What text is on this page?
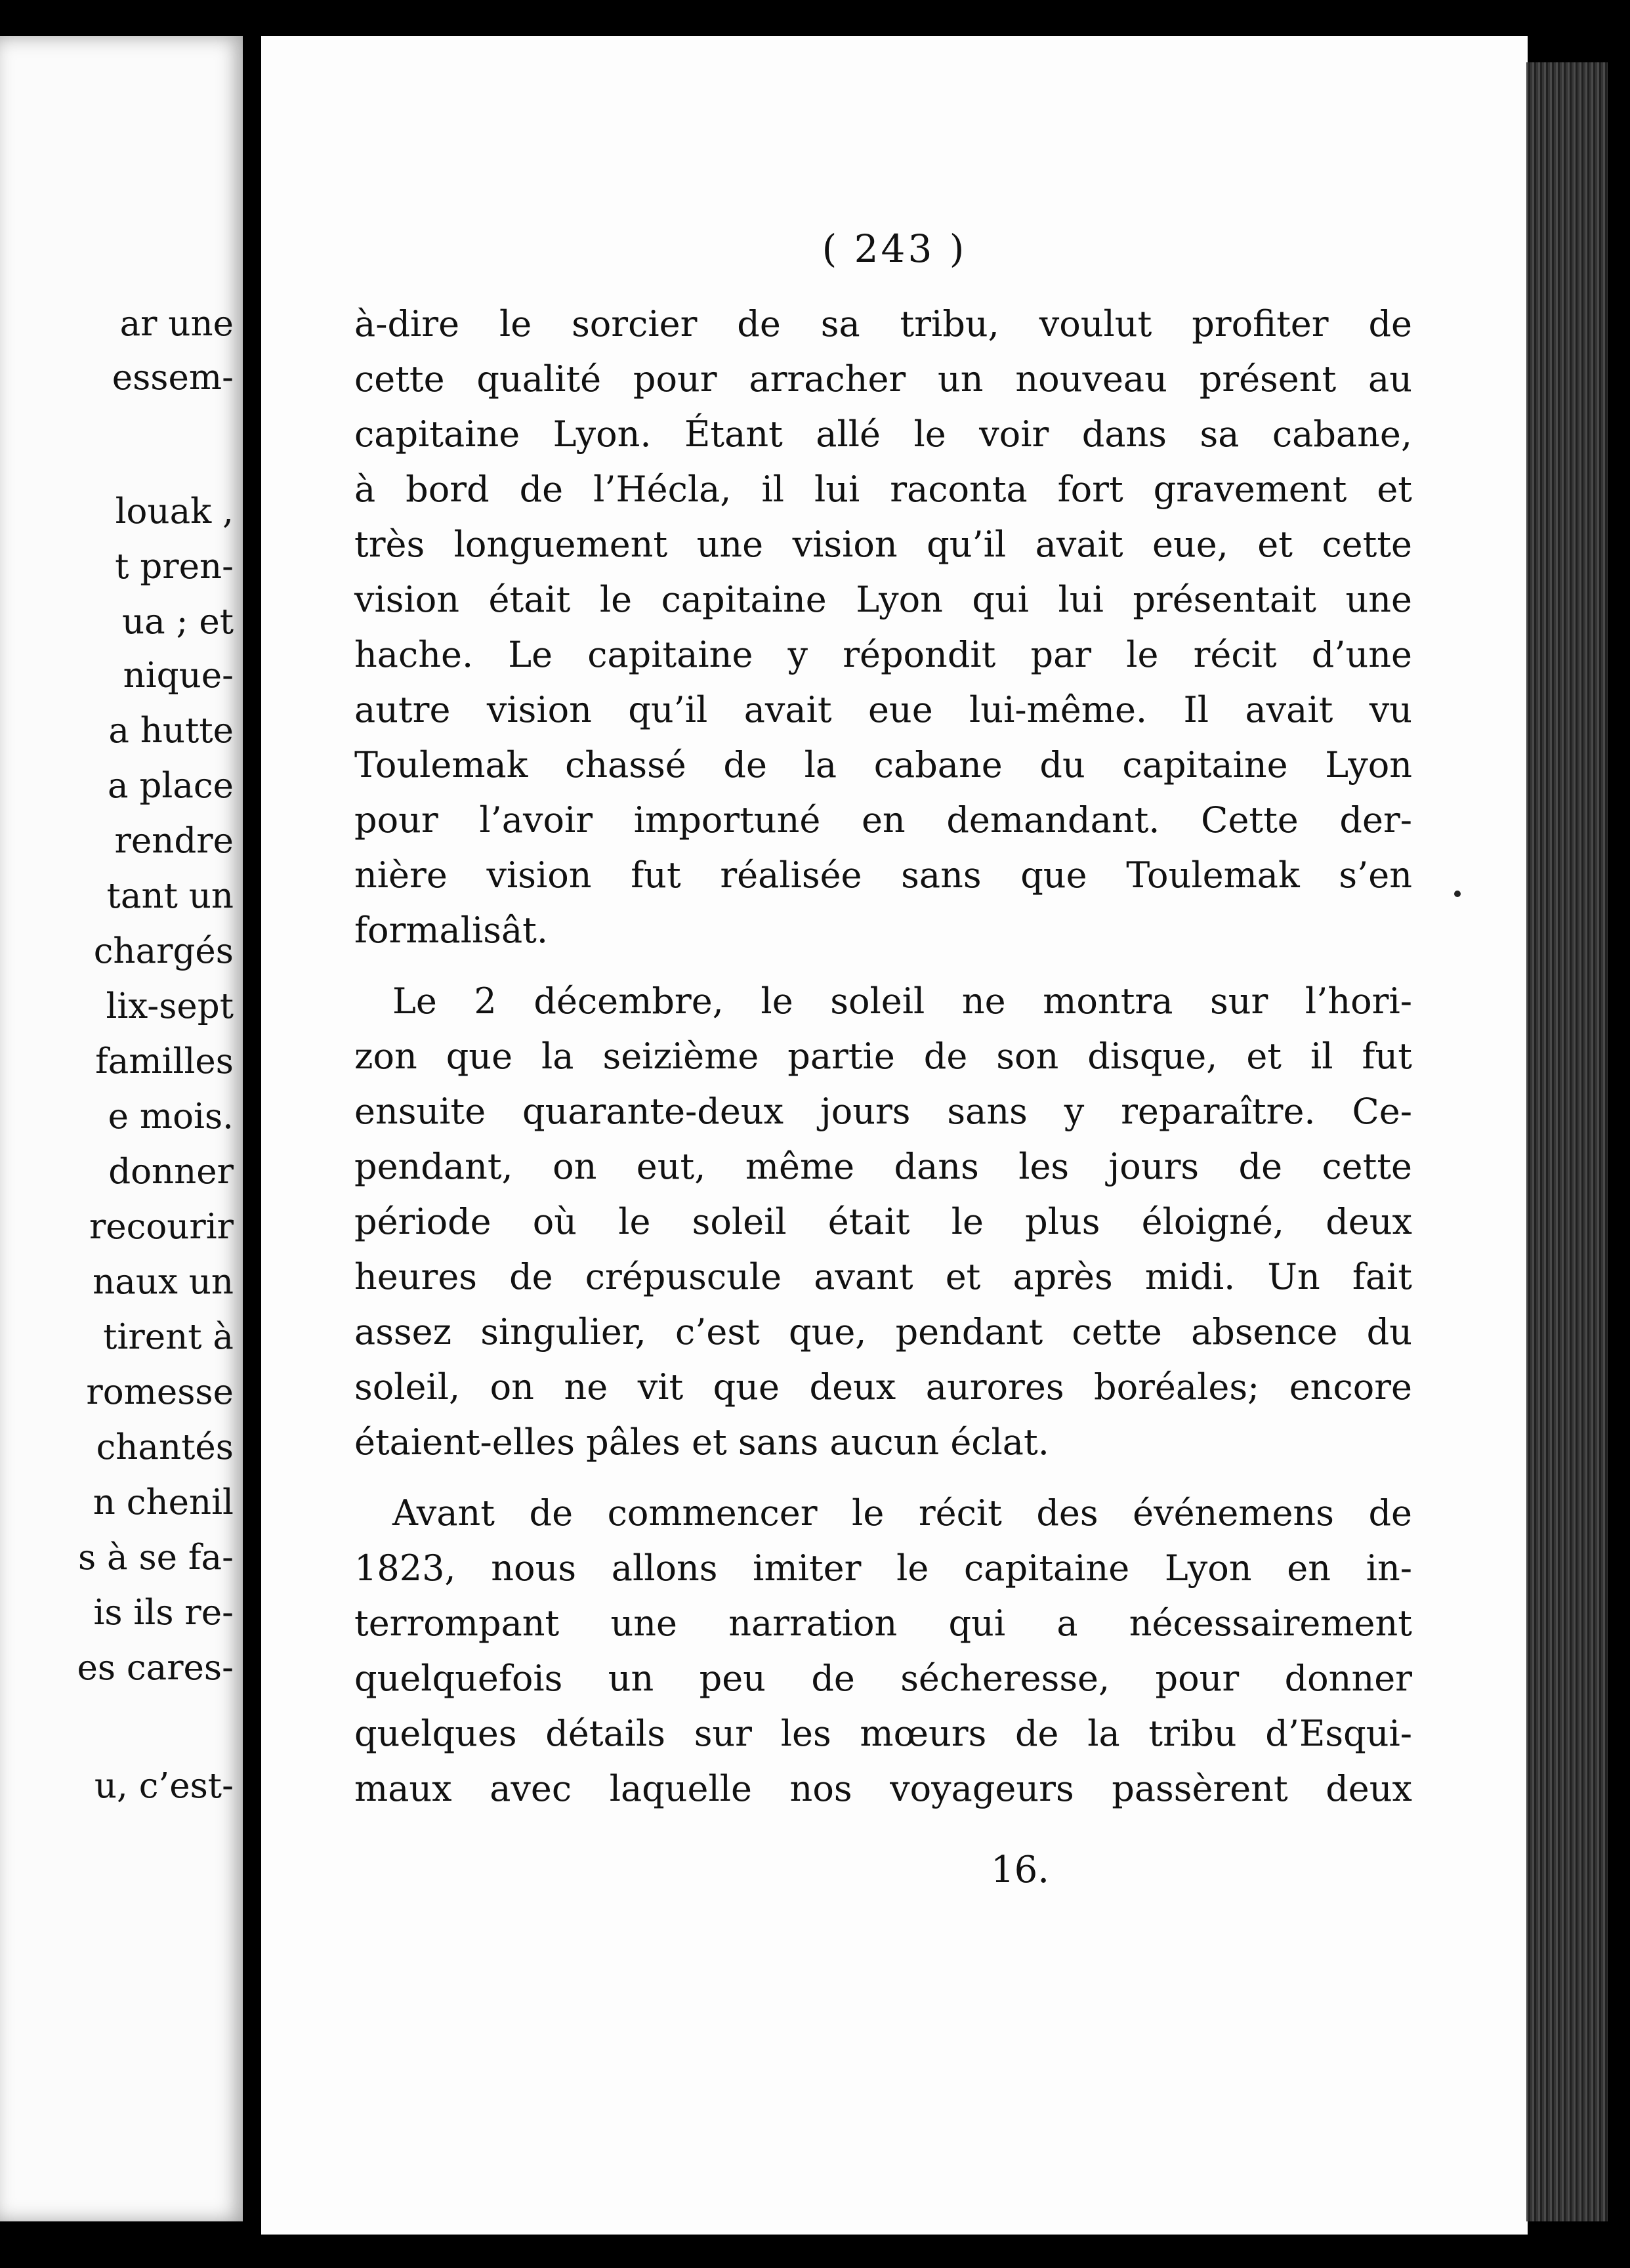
ar une
essem-
louak ,
t pren-
ua ; et
nique-
a hutte
a place
rendre
tant un
chargés
lix-sept
familles
e mois.
donner
recourir
naux un
tirent à
romesse
chantés
n chenil
s à se fa-
is ils re-
es cares-
u, c’est-
( 243 )
à-dire le sorcier de sa tribu, voulut profiter de
cette qualité pour arracher un nouveau présent au
capitaine Lyon. Étant allé le voir dans sa cabane,
à bord de l’Hécla, il lui raconta fort gravement et
très longuement une vision qu’il avait eue, et cette
vision était le capitaine Lyon qui lui présentait une
hache. Le capitaine y répondit par le récit d’une
autre vision qu’il avait eue lui-même. Il avait vu
Toulemak chassé de la cabane du capitaine Lyon
pour l’avoir importuné en demandant. Cette der-
nière vision fut réalisée sans que Toulemak s’en
formalisât.
Le 2 décembre, le soleil ne montra sur l’hori-
zon que la seizième partie de son disque, et il fut
ensuite quarante-deux jours sans y reparaître. Ce-
pendant, on eut, même dans les jours de cette
période où le soleil était le plus éloigné, deux
heures de crépuscule avant et après midi. Un fait
assez singulier, c’est que, pendant cette absence du
soleil, on ne vit que deux aurores boréales; encore
étaient-elles pâles et sans aucun éclat.
Avant de commencer le récit des événemens de
1823, nous allons imiter le capitaine Lyon en in-
terrompant une narration qui a nécessairement
quelquefois un peu de sécheresse, pour donner
quelques détails sur les mœurs de la tribu d’Esqui-
maux avec laquelle nos voyageurs passèrent deux
16.
